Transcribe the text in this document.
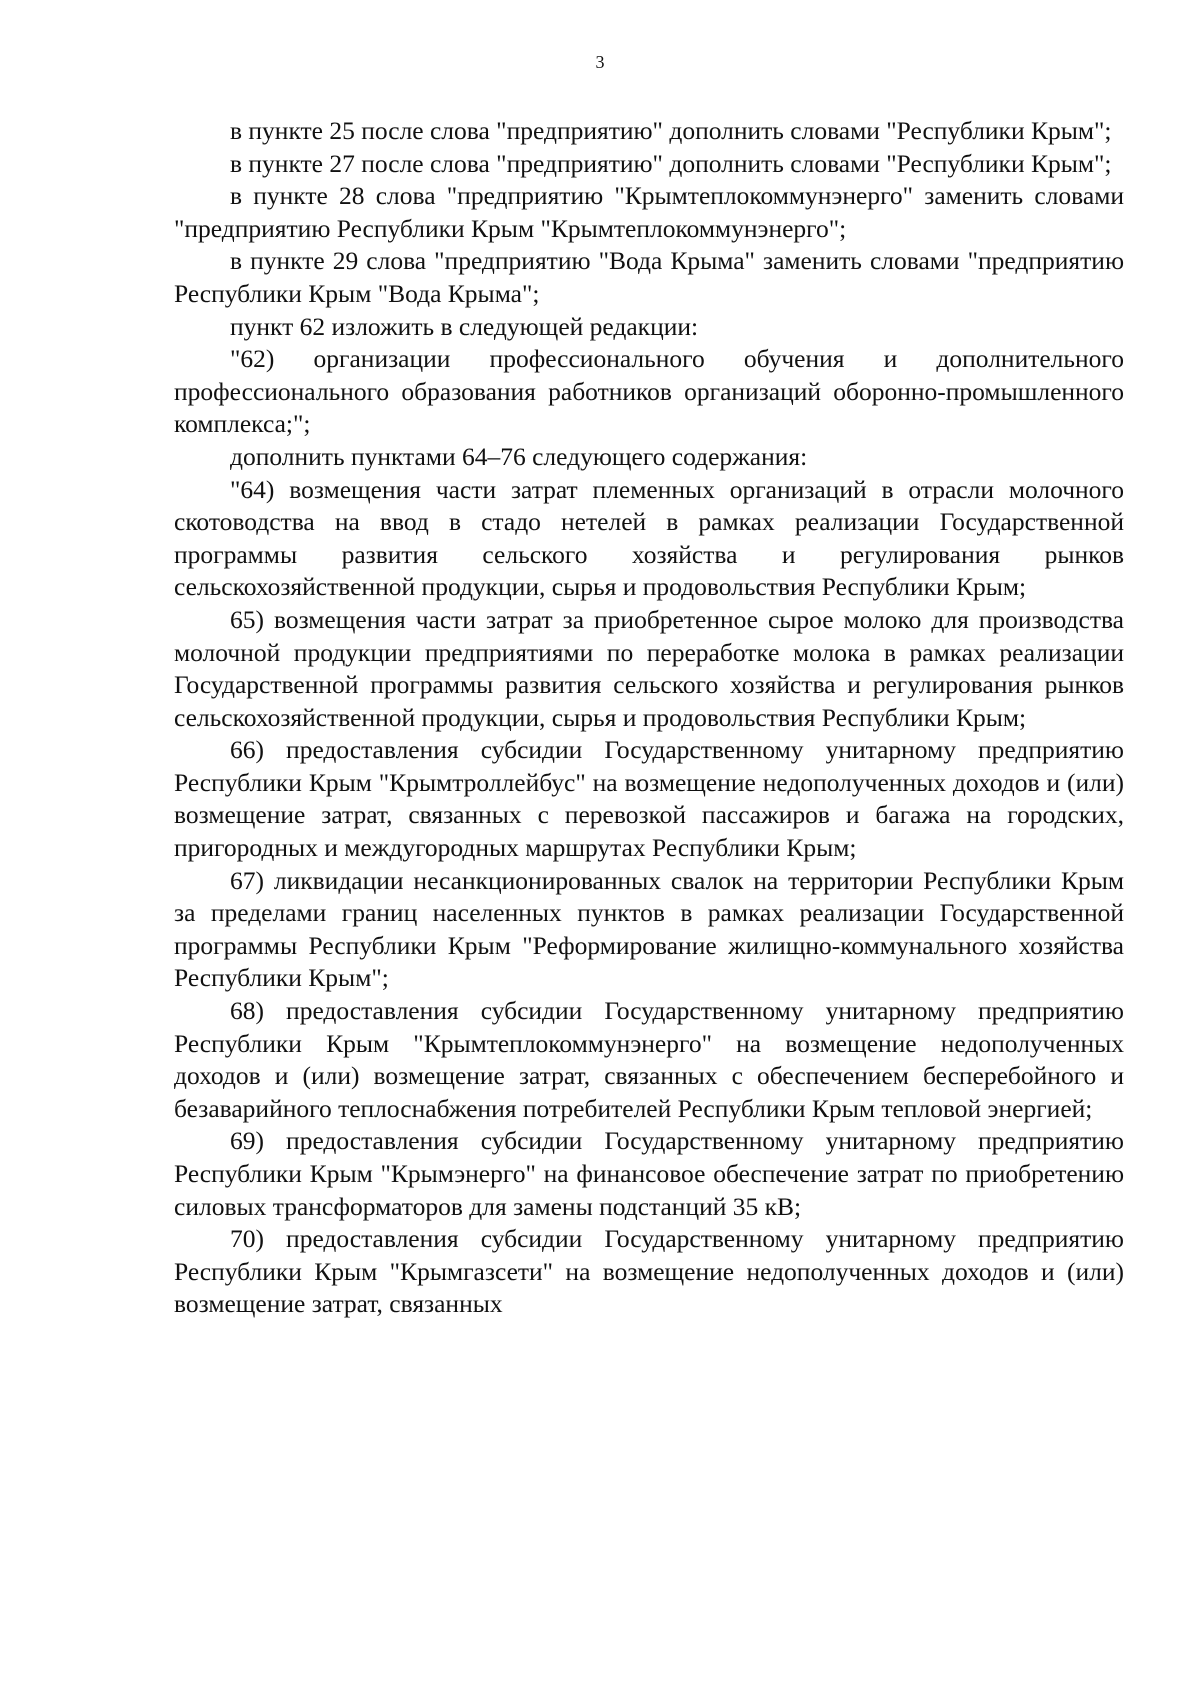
3

в пункте 25 после слова "предприятию" дополнить словами "Республики Крым";

в пункте 27 после слова "предприятию" дополнить словами "Республики Крым";

в пункте 28 слова "предприятию "Крымтеплокоммунэнерго" заменить словами "предприятию Республики Крым "Крымтеплокоммунэнерго";

в пункте 29 слова "предприятию "Вода Крыма" заменить словами "предприятию Республики Крым "Вода Крыма";

пункт 62 изложить в следующей редакции:

"62) организации профессионального обучения и дополнительного профессионального образования работников организаций оборонно-промышленного комплекса;";

дополнить пунктами 64–76 следующего содержания:

"64) возмещения части затрат племенных организаций в отрасли молочного скотоводства на ввод в стадо нетелей в рамках реализации Государственной программы развития сельского хозяйства и регулирования рынков сельскохозяйственной продукции, сырья и продовольствия Республики Крым;

65) возмещения части затрат за приобретенное сырое молоко для производства молочной продукции предприятиями по переработке молока в рамках реализации Государственной программы развития сельского хозяйства и регулирования рынков сельскохозяйственной продукции, сырья и продовольствия Республики Крым;

66) предоставления субсидии Государственному унитарному предприятию Республики Крым "Крымтроллейбус" на возмещение недополученных доходов и (или) возмещение затрат, связанных с перевозкой пассажиров и багажа на городских, пригородных и междугородных маршрутах Республики Крым;

67) ликвидации несанкционированных свалок на территории Республики Крым за пределами границ населенных пунктов в рамках реализации Государственной программы Республики Крым "Реформирование жилищно-коммунального хозяйства Республики Крым";

68) предоставления субсидии Государственному унитарному предприятию Республики Крым "Крымтеплокоммунэнерго" на возмещение недополученных доходов и (или) возмещение затрат, связанных с обеспечением бесперебойного и безаварийного теплоснабжения потребителей Республики Крым тепловой энергией;

69) предоставления субсидии Государственному унитарному предприятию Республики Крым "Крымэнерго" на финансовое обеспечение затрат по приобретению силовых трансформаторов для замены подстанций 35 кВ;

70) предоставления субсидии Государственному унитарному предприятию Республики Крым "Крымгазсети" на возмещение недополученных доходов и (или) возмещение затрат, связанных
